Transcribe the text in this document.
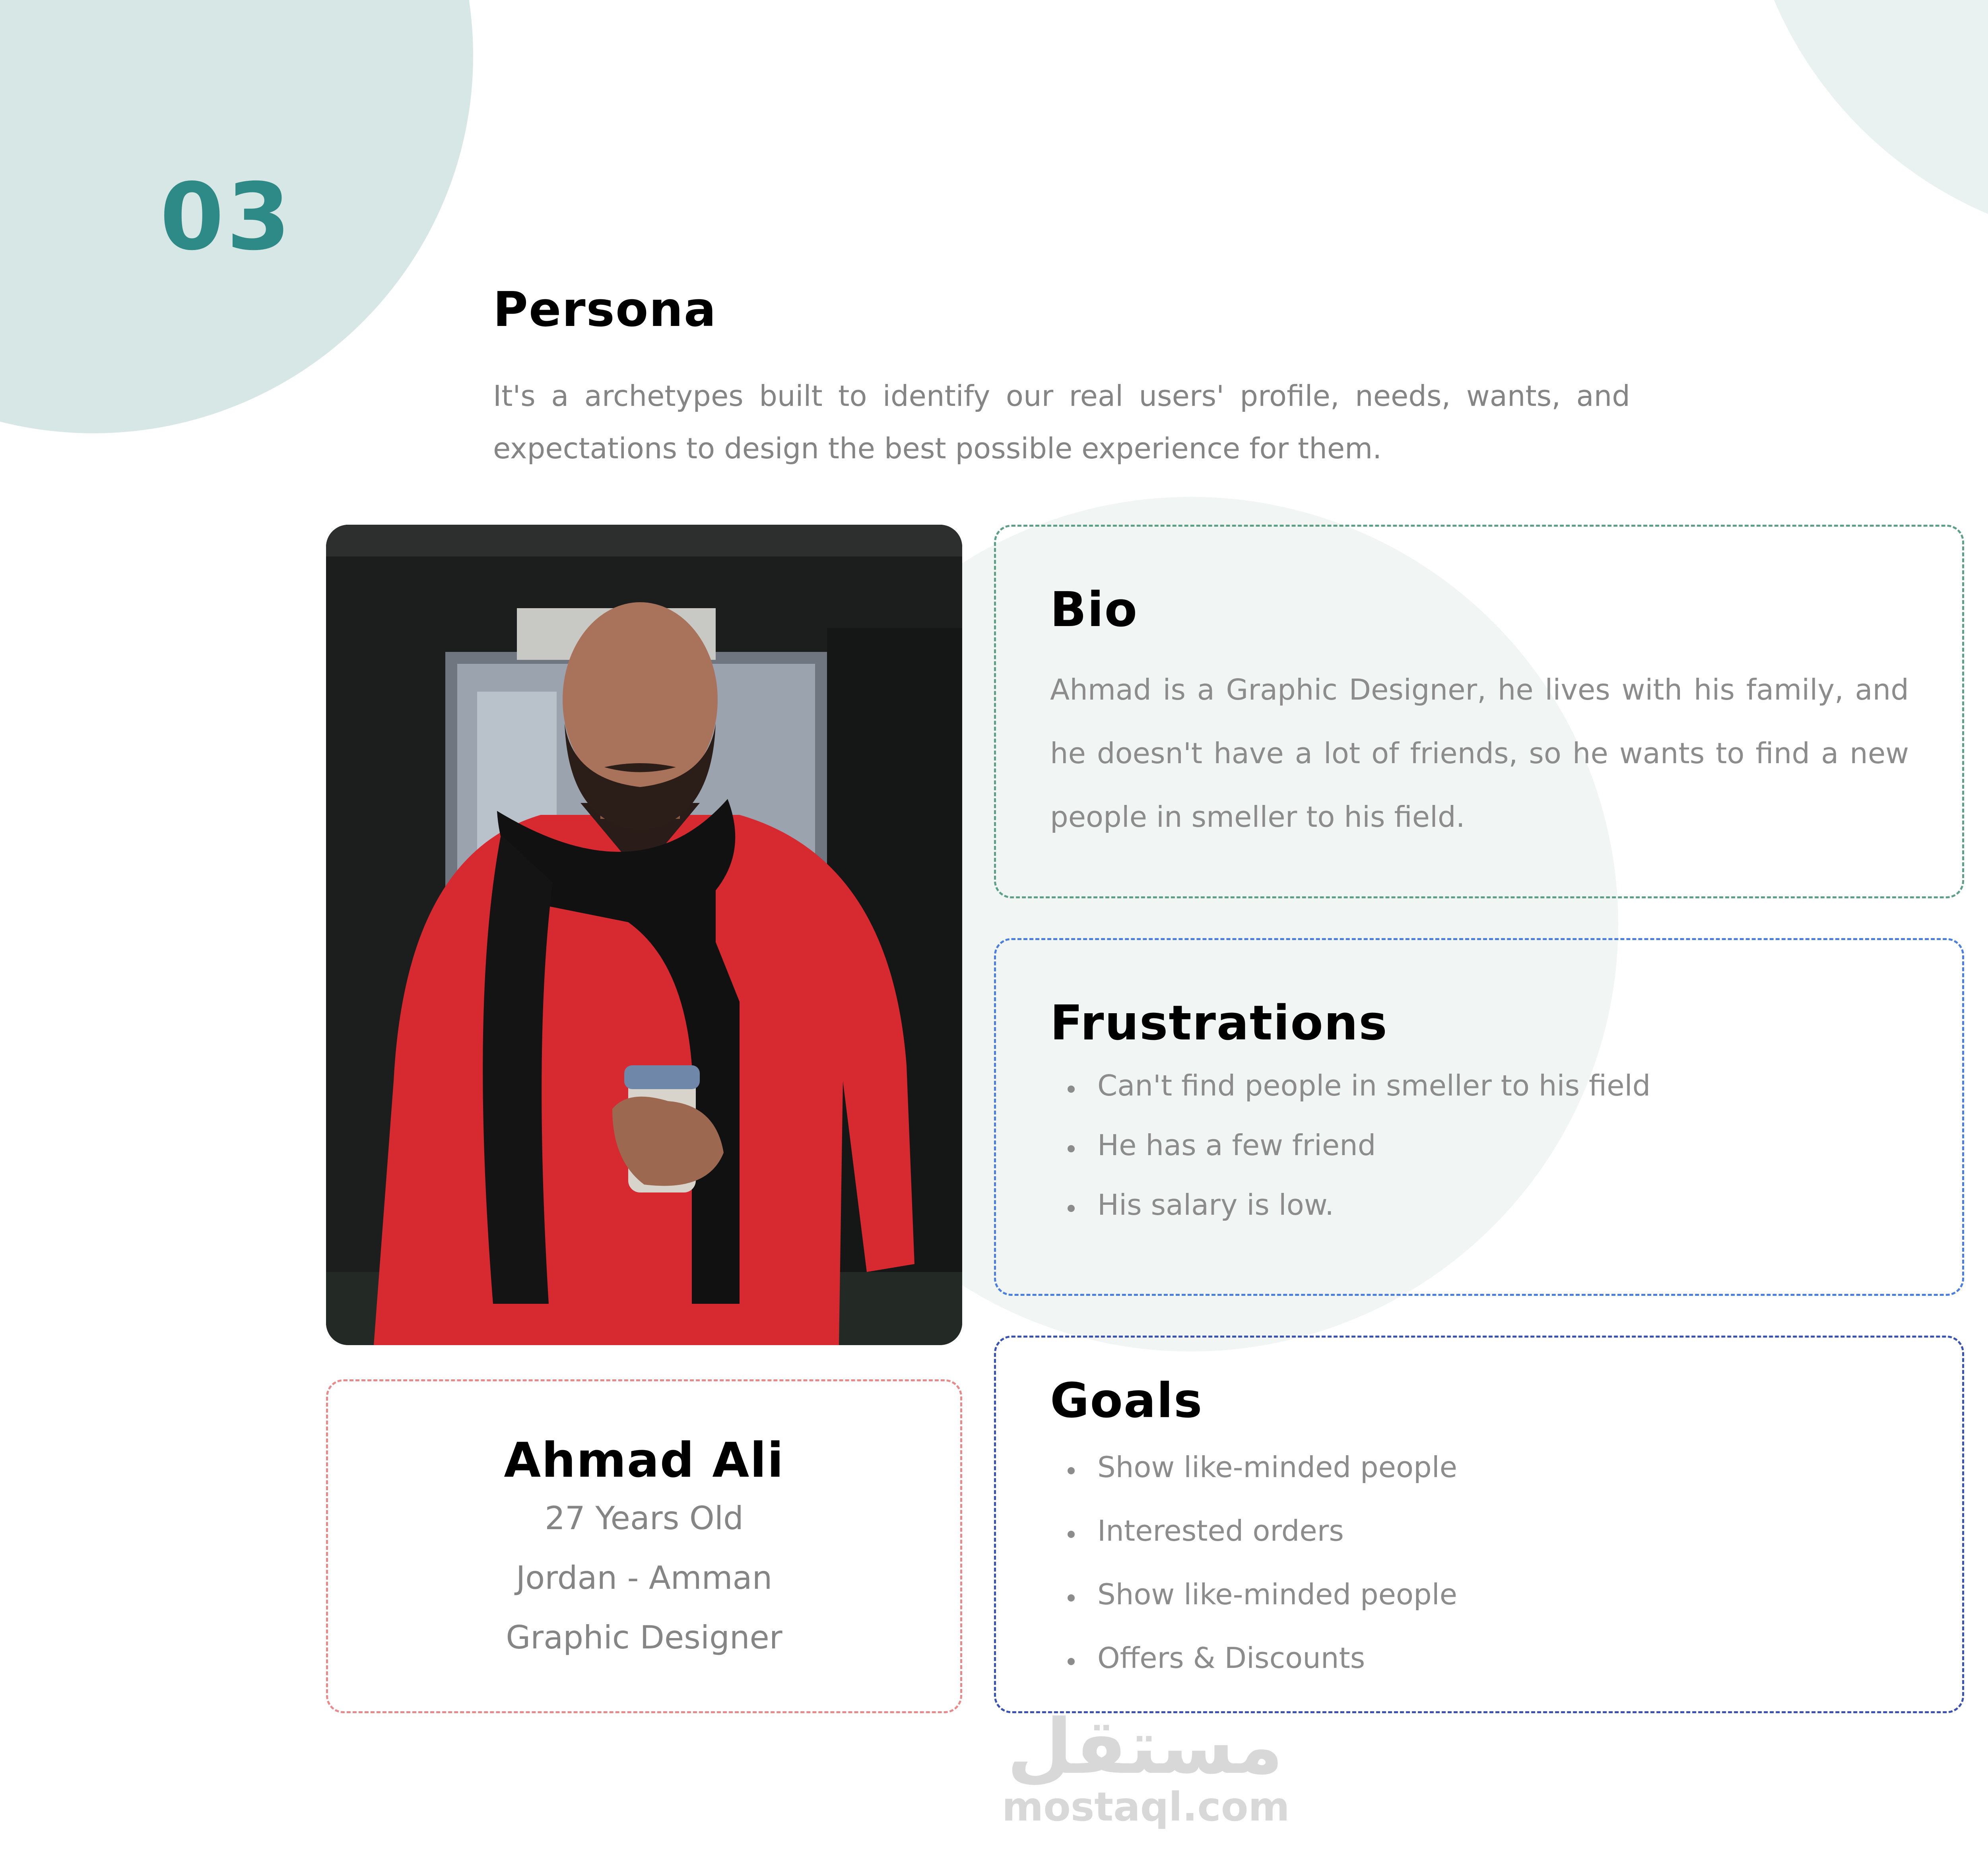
03
Persona

It's a archetypes built to identify our real users' profile, needs, wants, and expectations to design the best possible experience for them.

Bio

Ahmad is a Graphic Designer, he lives with his family, and he doesn't have a lot of friends, so he wants to find a new people in smeller to his field.

Frustrations
Can't find people in smeller to his field
He has a few friend
His salary is low.
Goals
Show like-minded people
Interested orders
Show like-minded people
Offers & Discounts
Ahmad Ali
27 Years Old
Jordan - Amman
Graphic Designer
مستقل
mostaql.com
